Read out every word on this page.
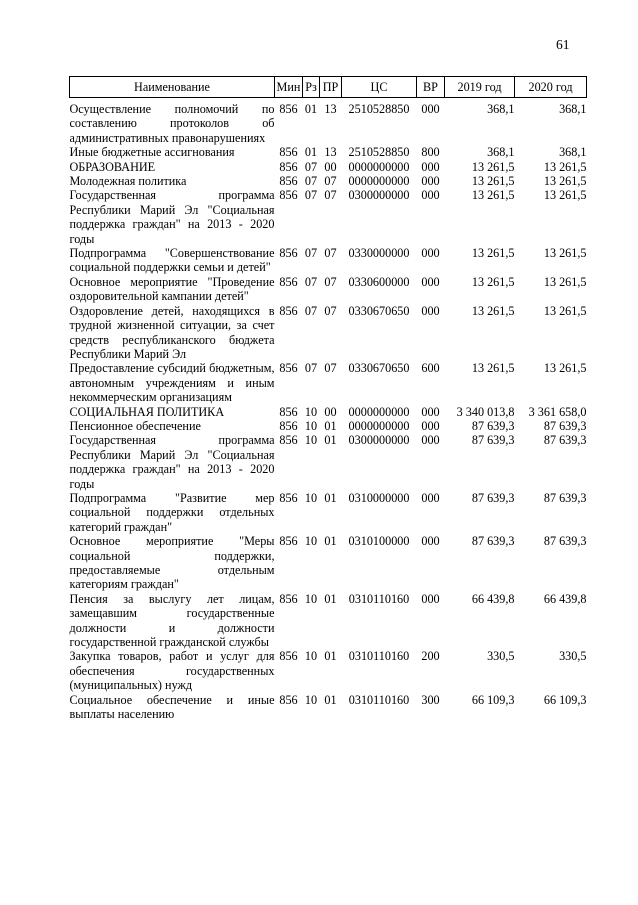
61
Наименование	Мин	Рз	ПР	ЦС	ВР	2019 год	2020 год
Осуществление полномочий по составлению протоколов об административных правонарушениях	856	01	13	2510528850	000	368,1	368,1
Иные бюджетные ассигнования	856	01	13	2510528850	800	368,1	368,1
ОБРАЗОВАНИЕ	856	07	00	0000000000	000	13 261,5	13 261,5
Молодежная политика	856	07	07	0000000000	000	13 261,5	13 261,5
Государственная программа Республики Марий Эл "Социальная поддержка граждан" на 2013 - 2020 годы	856	07	07	0300000000	000	13 261,5	13 261,5
Подпрограмма "Совершенствование социальной поддержки семьи и детей"	856	07	07	0330000000	000	13 261,5	13 261,5
Основное мероприятие "Проведение оздоровительной кампании детей"	856	07	07	0330600000	000	13 261,5	13 261,5
Оздоровление детей, находящихся в трудной жизненной ситуации, за счет средств республиканского бюджета Республики Марий Эл	856	07	07	0330670650	000	13 261,5	13 261,5
Предоставление субсидий бюджетным, автономным учреждениям и иным некоммерческим организациям	856	07	07	0330670650	600	13 261,5	13 261,5
СОЦИАЛЬНАЯ ПОЛИТИКА	856	10	00	0000000000	000	3 340 013,8	3 361 658,0
Пенсионное обеспечение	856	10	01	0000000000	000	87 639,3	87 639,3
Государственная программа Республики Марий Эл "Социальная поддержка граждан" на 2013 - 2020 годы	856	10	01	0300000000	000	87 639,3	87 639,3
Подпрограмма "Развитие мер социальной поддержки отдельных категорий граждан"	856	10	01	0310000000	000	87 639,3	87 639,3
Основное мероприятие "Меры социальной поддержки, предоставляемые отдельным категориям граждан"	856	10	01	0310100000	000	87 639,3	87 639,3
Пенсия за выслугу лет лицам, замещавшим государственные должности и должности государственной гражданской службы	856	10	01	0310110160	000	66 439,8	66 439,8
Закупка товаров, работ и услуг для обеспечения государственных (муниципальных) нужд	856	10	01	0310110160	200	330,5	330,5
Социальное обеспечение и иные выплаты населению	856	10	01	0310110160	300	66 109,3	66 109,3
